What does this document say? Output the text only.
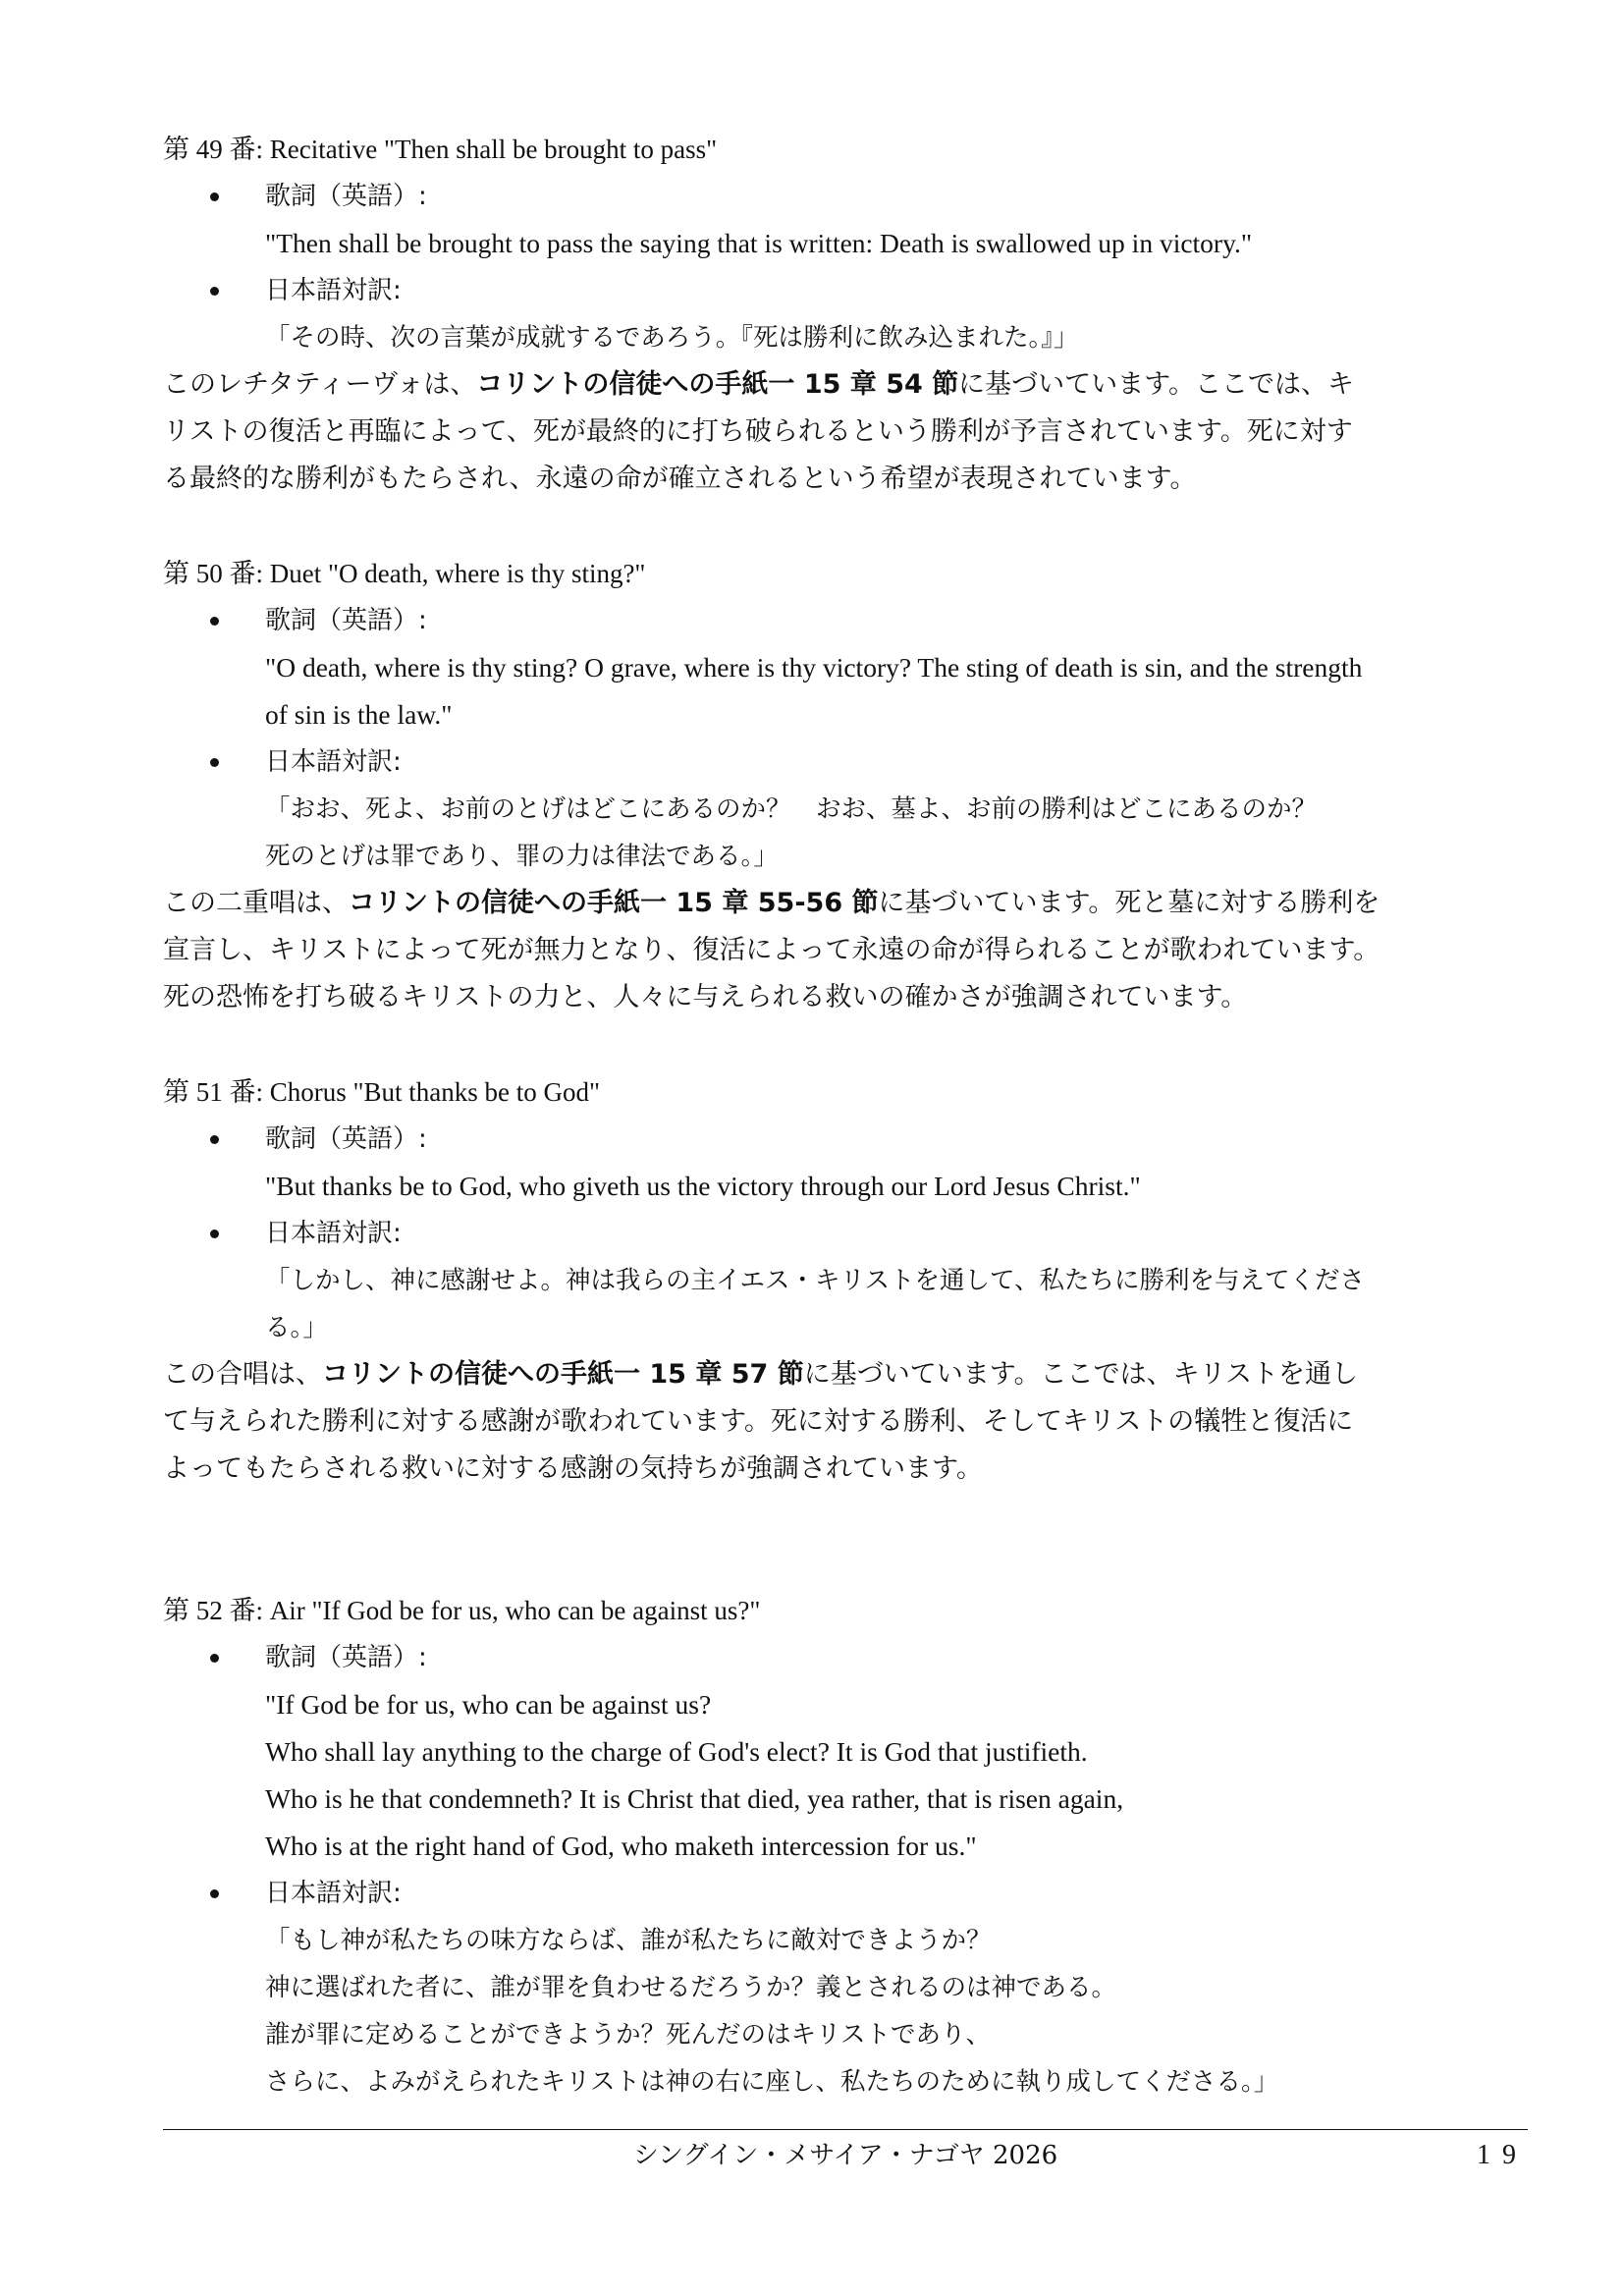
第 49 番: Recitative "Then shall be brought to pass"
歌詞（英語）:
"Then shall be brought to pass the saying that is written: Death is swallowed up in victory."
日本語対訳:
「その時、次の言葉が成就するであろう。『死は勝利に飲み込まれた。』」
このレチタティーヴォは、コリントの信徒への手紙一 15 章 54 節に基づいています。ここでは、キ
リストの復活と再臨によって、死が最終的に打ち破られるという勝利が予言されています。死に対す
る最終的な勝利がもたらされ、永遠の命が確立されるという希望が表現されています。
第 50 番: Duet "O death, where is thy sting?"
歌詞（英語）:
"O death, where is thy sting? O grave, where is thy victory? The sting of death is sin, and the strength
of sin is the law."
日本語対訳:
「おお、死よ、お前のとげはどこにあるのか？　おお、墓よ、お前の勝利はどこにあるのか？
死のとげは罪であり、罪の力は律法である。」
この二重唱は、コリントの信徒への手紙一 15 章 55-56 節に基づいています。死と墓に対する勝利を
宣言し、キリストによって死が無力となり、復活によって永遠の命が得られることが歌われています。
死の恐怖を打ち破るキリストの力と、人々に与えられる救いの確かさが強調されています。
第 51 番: Chorus "But thanks be to God"
歌詞（英語）:
"But thanks be to God, who giveth us the victory through our Lord Jesus Christ."
日本語対訳:
「しかし、神に感謝せよ。神は我らの主イエス・キリストを通して、私たちに勝利を与えてくださ
る。」
この合唱は、コリントの信徒への手紙一 15 章 57 節に基づいています。ここでは、キリストを通し
て与えられた勝利に対する感謝が歌われています。死に対する勝利、そしてキリストの犠牲と復活に
よってもたらされる救いに対する感謝の気持ちが強調されています。
第 52 番: Air "If God be for us, who can be against us?"
歌詞（英語）:
"If God be for us, who can be against us?
Who shall lay anything to the charge of God's elect? It is God that justifieth.
Who is he that condemneth? It is Christ that died, yea rather, that is risen again,
Who is at the right hand of God, who maketh intercession for us."
日本語対訳:
「もし神が私たちの味方ならば、誰が私たちに敵対できようか？
神に選ばれた者に、誰が罪を負わせるだろうか？義とされるのは神である。
誰が罪に定めることができようか？死んだのはキリストであり、
さらに、よみがえられたキリストは神の右に座し、私たちのために執り成してくださる。」
シングイン・メサイア・ナゴヤ 2026	19
